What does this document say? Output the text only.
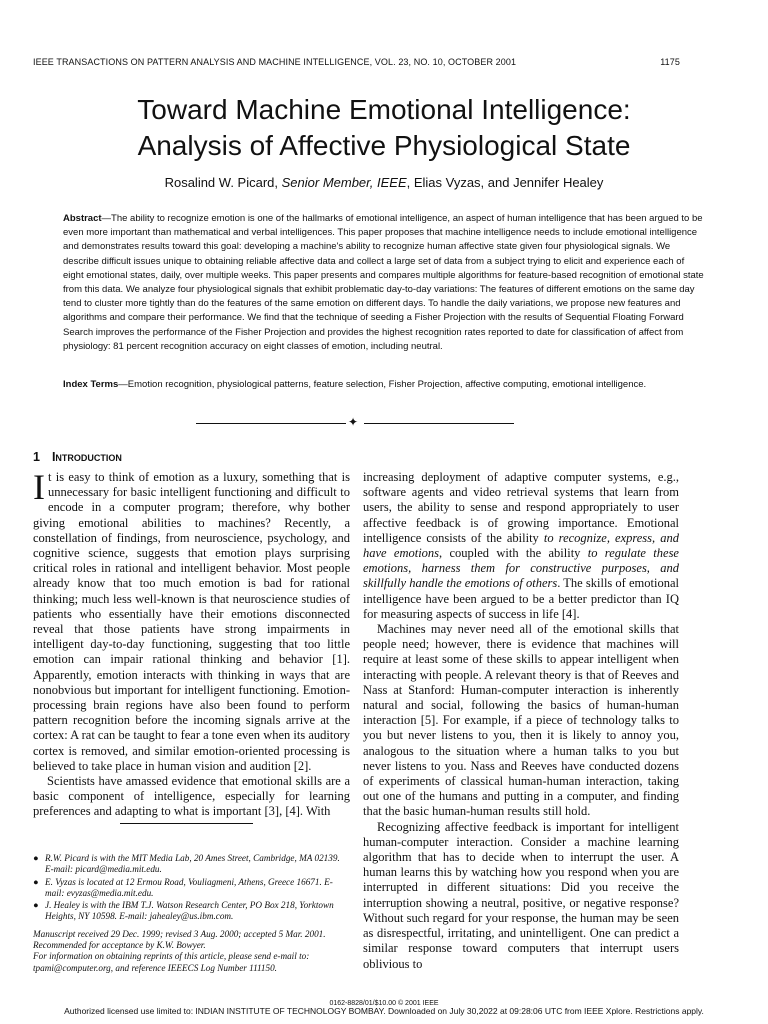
IEEE TRANSACTIONS ON PATTERN ANALYSIS AND MACHINE INTELLIGENCE, VOL. 23, NO. 10, OCTOBER 2001	1175
Toward Machine Emotional Intelligence:
Analysis of Affective Physiological State
Rosalind W. Picard, Senior Member, IEEE, Elias Vyzas, and Jennifer Healey

Abstract—The ability to recognize emotion is one of the hallmarks of emotional intelligence, an aspect of human intelligence that has been argued to be even more important than mathematical and verbal intelligences. This paper proposes that machine intelligence needs to include emotional intelligence and demonstrates results toward this goal: developing a machine's ability to recognize human affective state given four physiological signals. We describe difficult issues unique to obtaining reliable affective data and collect a large set of data from a subject trying to elicit and experience each of eight emotional states, daily, over multiple weeks. This paper presents and compares multiple algorithms for feature-based recognition of emotional state from this data. We analyze four physiological signals that exhibit problematic day-to-day variations: The features of different emotions on the same day tend to cluster more tightly than do the features of the same emotion on different days. To handle the daily variations, we propose new features and algorithms and compare their performance. We find that the technique of seeding a Fisher Projection with the results of Sequential Floating Forward Search improves the performance of the Fisher Projection and provides the highest recognition rates reported to date for classification of affect from physiology: 81 percent recognition accuracy on eight classes of emotion, including neutral.

Index Terms—Emotion recognition, physiological patterns, feature selection, Fisher Projection, affective computing, emotional intelligence.

✦
1 Introduction

It is easy to think of emotion as a luxury, something that is unnecessary for basic intelligent functioning and difficult to encode in a computer program; therefore, why bother giving emotional abilities to machines? Recently, a constellation of findings, from neuroscience, psychology, and cognitive science, suggests that emotion plays surprising critical roles in rational and intelligent behavior. Most people already know that too much emotion is bad for rational thinking; much less well-known is that neuroscience studies of patients who essentially have their emotions disconnected reveal that those patients have strong impairments in intelligent day-to-day functioning, suggesting that too little emotion can impair rational thinking and behavior [1]. Apparently, emotion interacts with thinking in ways that are nonobvious but important for intelligent functioning. Emotion-processing brain regions have also been found to perform pattern recognition before the incoming signals arrive at the cortex: A rat can be taught to fear a tone even when its auditory cortex is removed, and similar emotion-oriented processing is believed to take place in human vision and audition [2].

Scientists have amassed evidence that emotional skills are a basic component of intelligence, especially for learning preferences and adapting to what is important [3], [4]. With

increasing deployment of adaptive computer systems, e.g., software agents and video retrieval systems that learn from users, the ability to sense and respond appropriately to user affective feedback is of growing importance. Emotional intelligence consists of the ability to recognize, express, and have emotions, coupled with the ability to regulate these emotions, harness them for constructive purposes, and skillfully handle the emotions of others. The skills of emotional intelligence have been argued to be a better predictor than IQ for measuring aspects of success in life [4].

Machines may never need all of the emotional skills that people need; however, there is evidence that machines will require at least some of these skills to appear intelligent when interacting with people. A relevant theory is that of Reeves and Nass at Stanford: Human-computer interaction is inherently natural and social, following the basics of human-human interaction [5]. For example, if a piece of technology talks to you but never listens to you, then it is likely to annoy you, analogous to the situation where a human talks to you but never listens to you. Nass and Reeves have conducted dozens of experiments of classical human-human interaction, taking out one of the humans and putting in a computer, and finding that the basic human-human results still hold.

Recognizing affective feedback is important for intelligent human-computer interaction. Consider a machine learning algorithm that has to decide when to interrupt the user. A human learns this by watching how you respond when you are interrupted in different situations: Did you receive the interruption showing a neutral, positive, or negative response? Without such regard for your response, the human may be seen as disrespectful, irritating, and unintelligent. One can predict a similar response toward computers that interrupt users oblivious to

● R.W. Picard is with the MIT Media Lab, 20 Ames Street, Cambridge, MA 02139. E-mail: picard@media.mit.edu.
● E. Vyzas is located at 12 Ermou Road, Vouliagmeni, Athens, Greece 16671. E-mail: evyzas@media.mit.edu.
● J. Healey is with the IBM T.J. Watson Research Center, PO Box 218, Yorktown Heights, NY 10598. E-mail: jahealey@us.ibm.com.
Manuscript received 29 Dec. 1999; revised 3 Aug. 2000; accepted 5 Mar. 2001.
Recommended for acceptance by K.W. Bowyer.
For information on obtaining reprints of this article, please send e-mail to: tpami@computer.org, and reference IEEECS Log Number 111150.
0162-8828/01/$10.00 © 2001 IEEE
Authorized licensed use limited to: INDIAN INSTITUTE OF TECHNOLOGY BOMBAY. Downloaded on July 30,2022 at 09:28:06 UTC from IEEE Xplore. Restrictions apply.
